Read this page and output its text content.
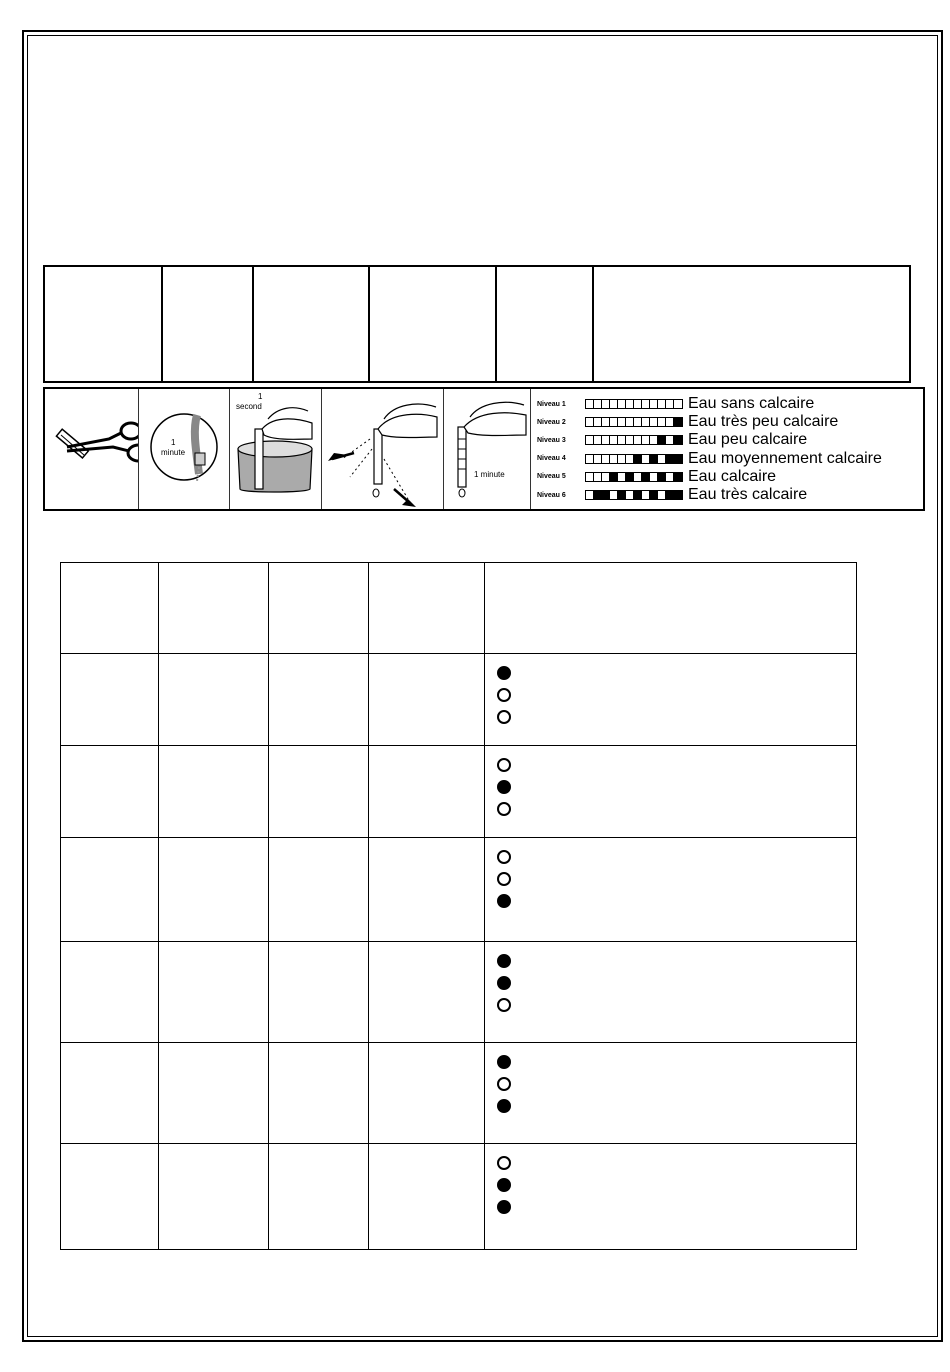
1
minute
1
second
1 minute
Niveau 1	Eau sans calcaire
Niveau 2	Eau très peu calcaire
Niveau 3	Eau peu calcaire
Niveau 4	Eau moyennement calcaire
Niveau 5	Eau calcaire
Niveau 6	Eau très calcaire
